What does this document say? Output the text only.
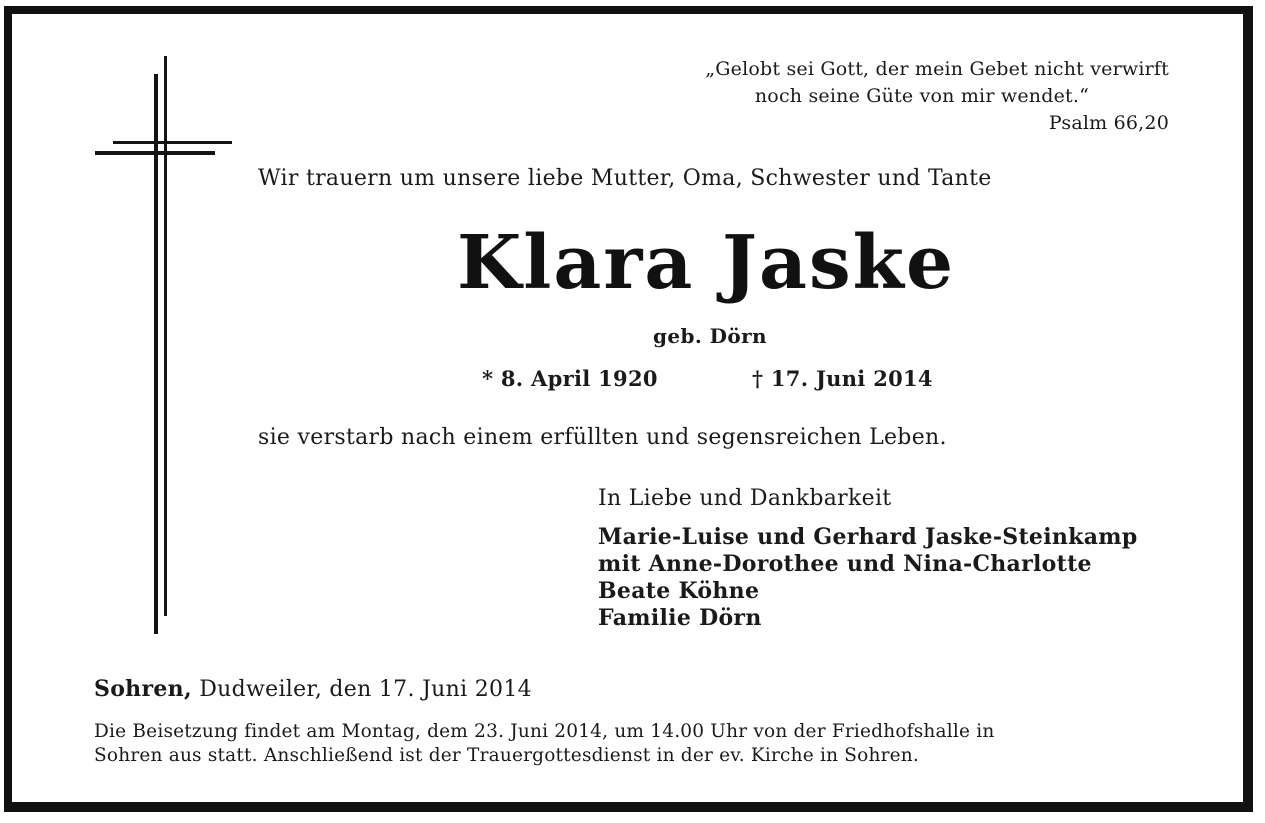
„Gelobt sei Gott, der mein Gebet nicht verwirft
noch seine Güte von mir wendet.“
Psalm 66,20
Wir trauern um unsere liebe Mutter, Oma, Schwester und Tante
Klara Jaske
geb. Dörn
* 8. April 1920	† 17. Juni 2014
sie verstarb nach einem erfüllten und segensreichen Leben.
In Liebe und Dankbarkeit
Marie-Luise und Gerhard Jaske-Steinkamp
mit Anne-Dorothee und Nina-Charlotte
Beate Köhne
Familie Dörn
Sohren, Dudweiler, den 17. Juni 2014
Die Beisetzung findet am Montag, dem 23. Juni 2014, um 14.00 Uhr von der Friedhofshalle in
Sohren aus statt. Anschließend ist der Trauergottesdienst in der ev. Kirche in Sohren.
